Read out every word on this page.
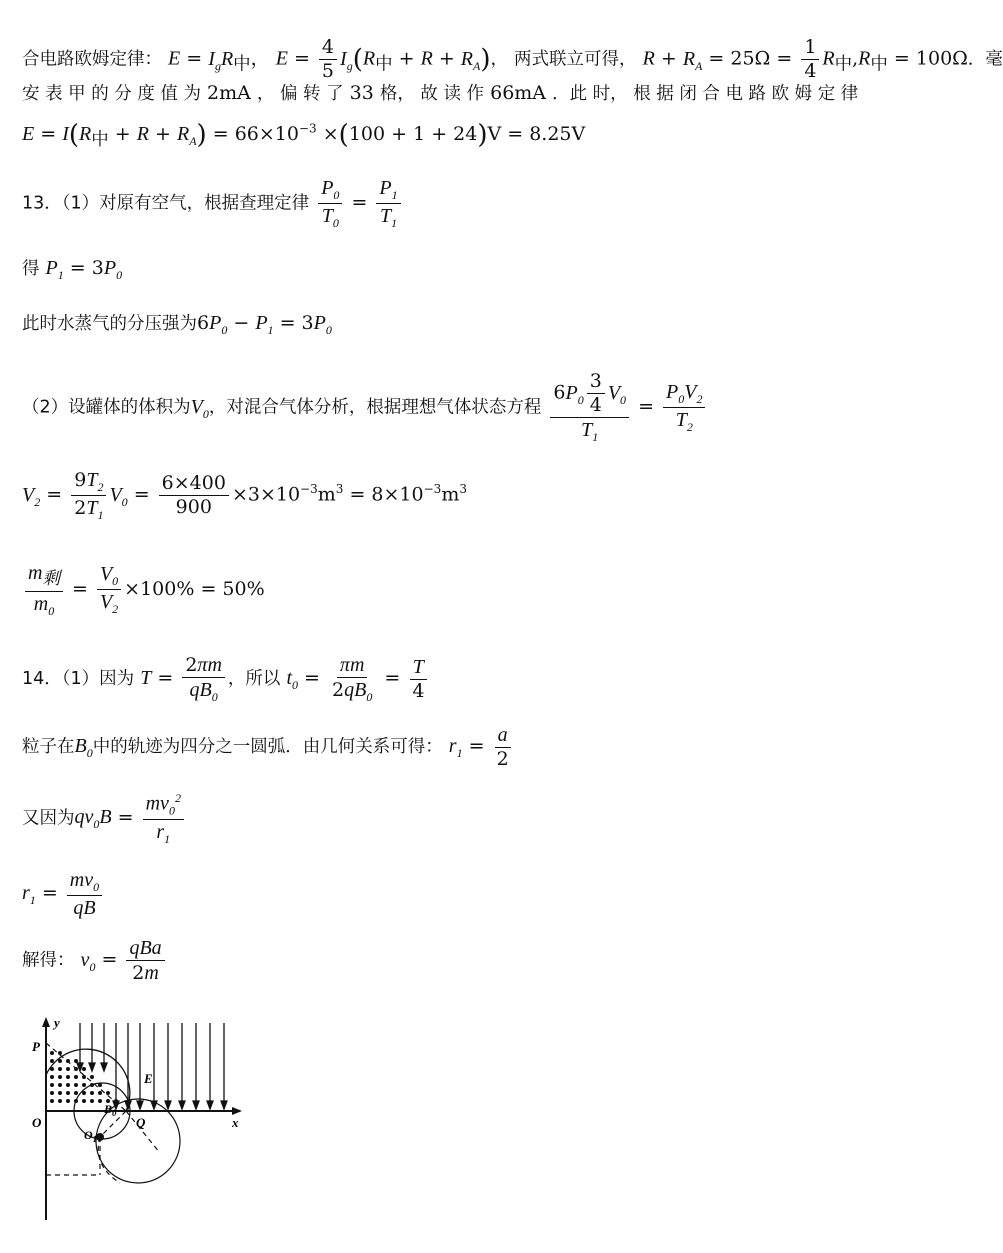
合电路欧姆定律： $E = I_gR_中$， $E = \frac{4}{5} I_g(R_中 + R + R_A)$， 两式联立可得， $R + R_A = 25\Omega = \frac{1}{4} R_中,R_中 = 100\Omega$．毫
安 表 甲 的 分 度 值 为 2mA ， 偏 转 了 33 格， 故 读 作 66mA ．此 时， 根 据 闭 合 电 路 欧 姆 定 律
$E = I(R_中 + R + R_A) = 66\times 10^{-3} \times(100 + 1 + 24)V = 8.25V$
13．（1）对原有空气，根据查理定律 $\frac{P_0}{T_0} = \frac{P_1}{T_1}$
得 $P_1 = 3P_0$
此时水蒸气的分压强为$6P_0 - P_1 = 3P_0$
（2）设罐体的体积为$V_0$，对混合气体分析，根据理想气体状态方程 $\frac{6P_0 \frac{3}{4} V_0}{T_1} = \frac{P_0V_2}{T_2}$
$V_2 = \frac{9T_2}{2T_1} V_0 = \frac{6\times 400}{900} \times 3\times 10^{-3}m^3 = 8\times 10^{-3}m^3$
$\frac{m_剩}{m_0} = \frac{V_0}{V_2} \times 100\% = 50\%$
14．（1）因为 $T = \frac{2\pi m}{qB_0}$ ，所以 $t_0 = \frac{\pi m}{2qB_0} = \frac{T}{4}$
粒子在$B_0$中的轨迹为四分之一圆弧．由几何关系可得： $r_1 = \frac{a}{2}$
又因为$qv_0B = \frac{mv_0^2}{r_1}$
$r_1 = \frac{mv_0}{qB}$
解得： $v_0 = \frac{\text{qBa}}{2m}$
y
x
O
P
Q
E
$B_0$
$O_1$
